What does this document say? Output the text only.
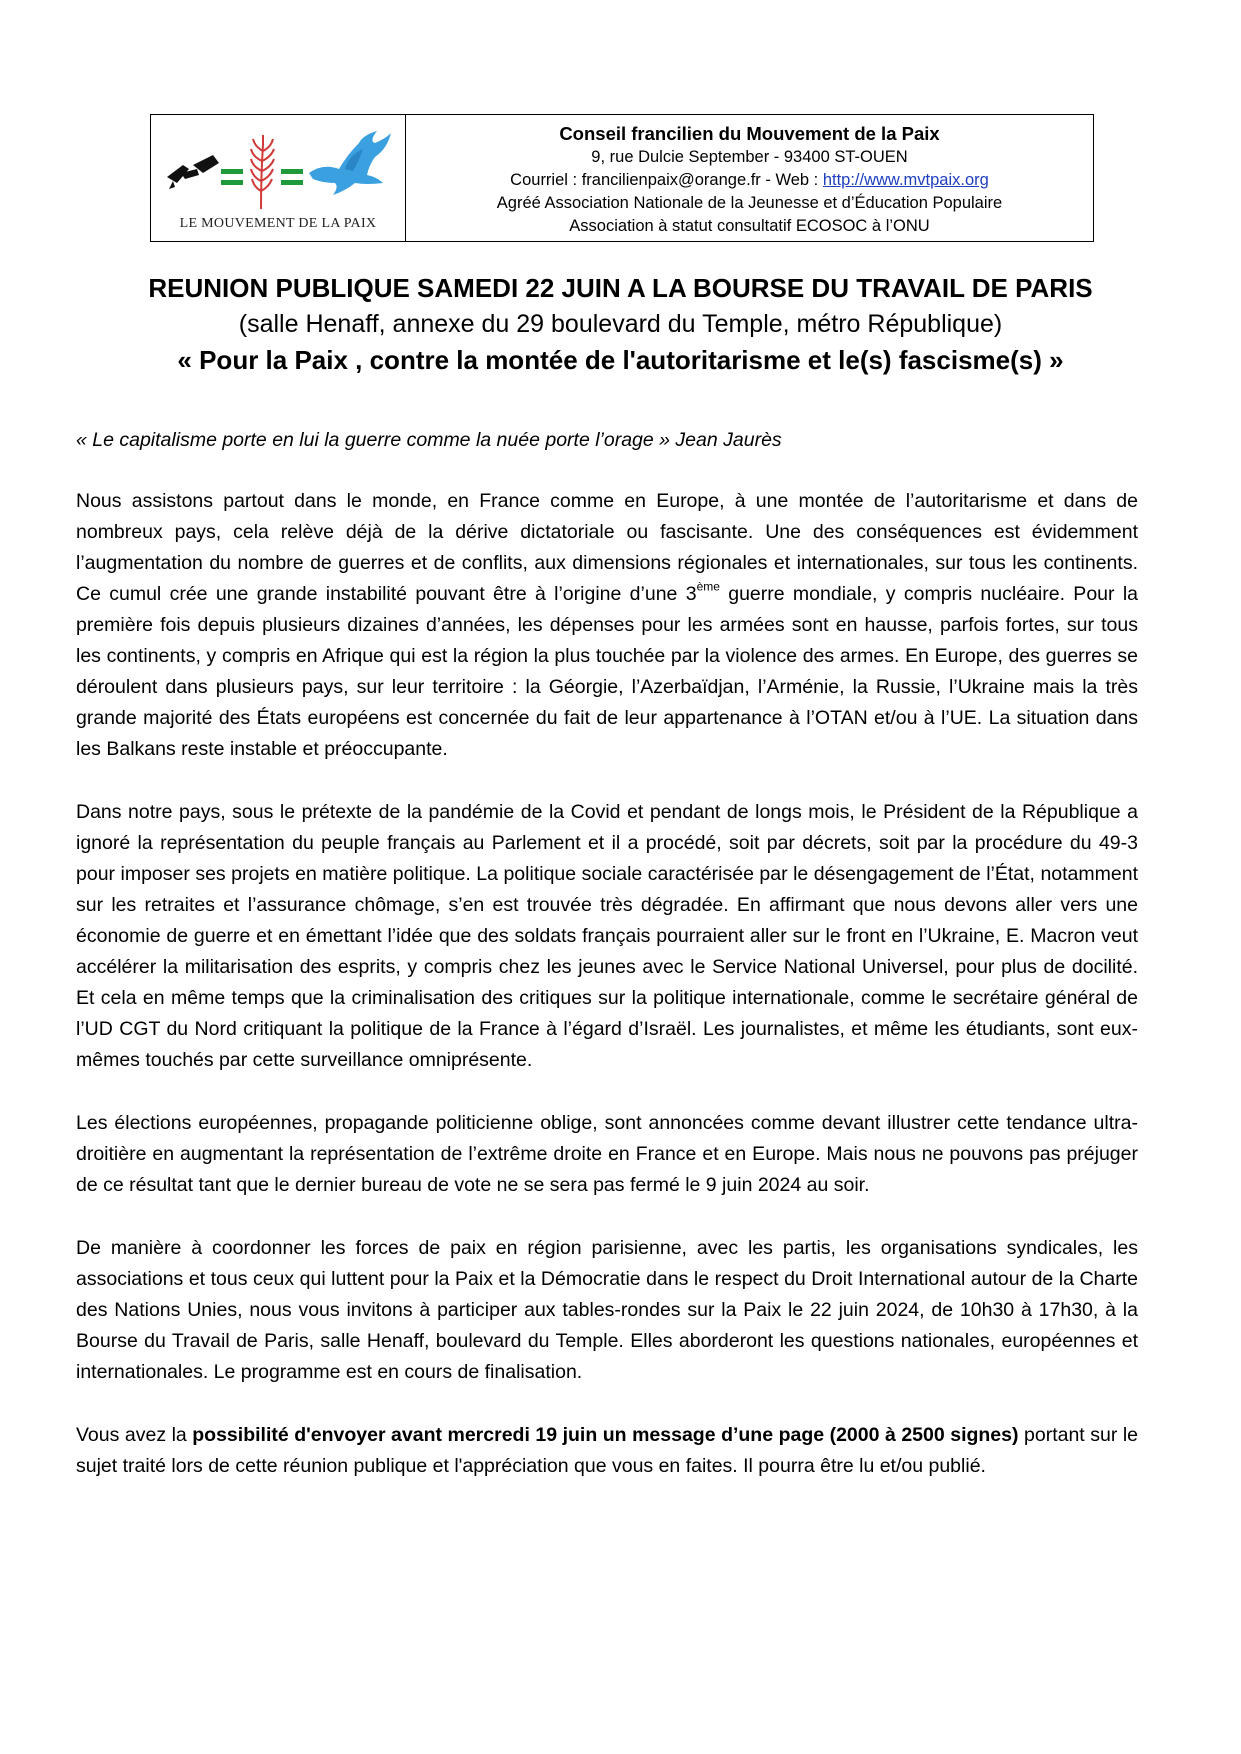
LE MOUVEMENT DE LA PAIX
Conseil francilien du Mouvement de la Paix
9, rue Dulcie September - 93400 ST-OUEN
Courriel : francilienpaix@orange.fr - Web : http://www.mvtpaix.org
Agréé Association Nationale de la Jeunesse et d’Éducation Populaire
Association à statut consultatif ECOSOC à l’ONU
REUNION PUBLIQUE SAMEDI 22 JUIN A LA BOURSE DU TRAVAIL DE PARIS
(salle Henaff, annexe du 29 boulevard du Temple, métro République)
« Pour la Paix , contre la montée de l'autoritarisme et le(s) fascisme(s) »

« Le capitalisme porte en lui la guerre comme la nuée porte l’orage » Jean Jaurès

Nous assistons partout dans le monde, en France comme en Europe, à une montée de l’autoritarisme et dans de nombreux pays, cela relève déjà de la dérive dictatoriale ou fascisante. Une des conséquences est évidemment l’augmentation du nombre de guerres et de conflits, aux dimensions régionales et internationales, sur tous les continents. Ce cumul crée une grande instabilité pouvant être à l’origine d’une 3ème guerre mondiale, y compris nucléaire. Pour la première fois depuis plusieurs dizaines d’années, les dépenses pour les armées sont en hausse, parfois fortes, sur tous les continents, y compris en Afrique qui est la région la plus touchée par la violence des armes. En Europe, des guerres se déroulent dans plusieurs pays, sur leur territoire : la Géorgie, l’Azerbaïdjan, l’Arménie, la Russie, l’Ukraine mais la très grande majorité des États européens est concernée du fait de leur appartenance à l’OTAN et/ou à l’UE. La situation dans les Balkans reste instable et préoccupante.

Dans notre pays, sous le prétexte de la pandémie de la Covid et pendant de longs mois, le Président de la République a ignoré la représentation du peuple français au Parlement et il a procédé, soit par décrets, soit par la procédure du 49-3 pour imposer ses projets en matière politique. La politique sociale caractérisée par le désengagement de l’État, notamment sur les retraites et l’assurance chômage, s’en est trouvée très dégradée. En affirmant que nous devons aller vers une économie de guerre et en émettant l’idée que des soldats français pourraient aller sur le front en l’Ukraine, E. Macron veut accélérer la militarisation des esprits, y compris chez les jeunes avec le Service National Universel, pour plus de docilité. Et cela en même temps que la criminalisation des critiques sur la politique internationale, comme le secrétaire général de l’UD CGT du Nord critiquant la politique de la France à l’égard d’Israël. Les journalistes, et même les étudiants, sont eux-mêmes touchés par cette surveillance omniprésente.

Les élections européennes, propagande politicienne oblige, sont annoncées comme devant illustrer cette tendance ultra-droitière en augmentant la représentation de l’extrême droite en France et en Europe. Mais nous ne pouvons pas préjuger de ce résultat tant que le dernier bureau de vote ne se sera pas fermé le 9 juin 2024 au soir.

De manière à coordonner les forces de paix en région parisienne, avec les partis, les organisations syndicales, les associations et tous ceux qui luttent pour la Paix et la Démocratie dans le respect du Droit International autour de la Charte des Nations Unies, nous vous invitons à participer aux tables-rondes sur la Paix le 22 juin 2024, de 10h30 à 17h30, à la Bourse du Travail de Paris, salle Henaff, boulevard du Temple. Elles aborderont les questions nationales, européennes et internationales. Le programme est en cours de finalisation.

Vous avez la possibilité d'envoyer avant mercredi 19 juin un message d’une page (2000 à 2500 signes) portant sur le sujet traité lors de cette réunion publique et l'appréciation que vous en faites. Il pourra être lu et/ou publié.
